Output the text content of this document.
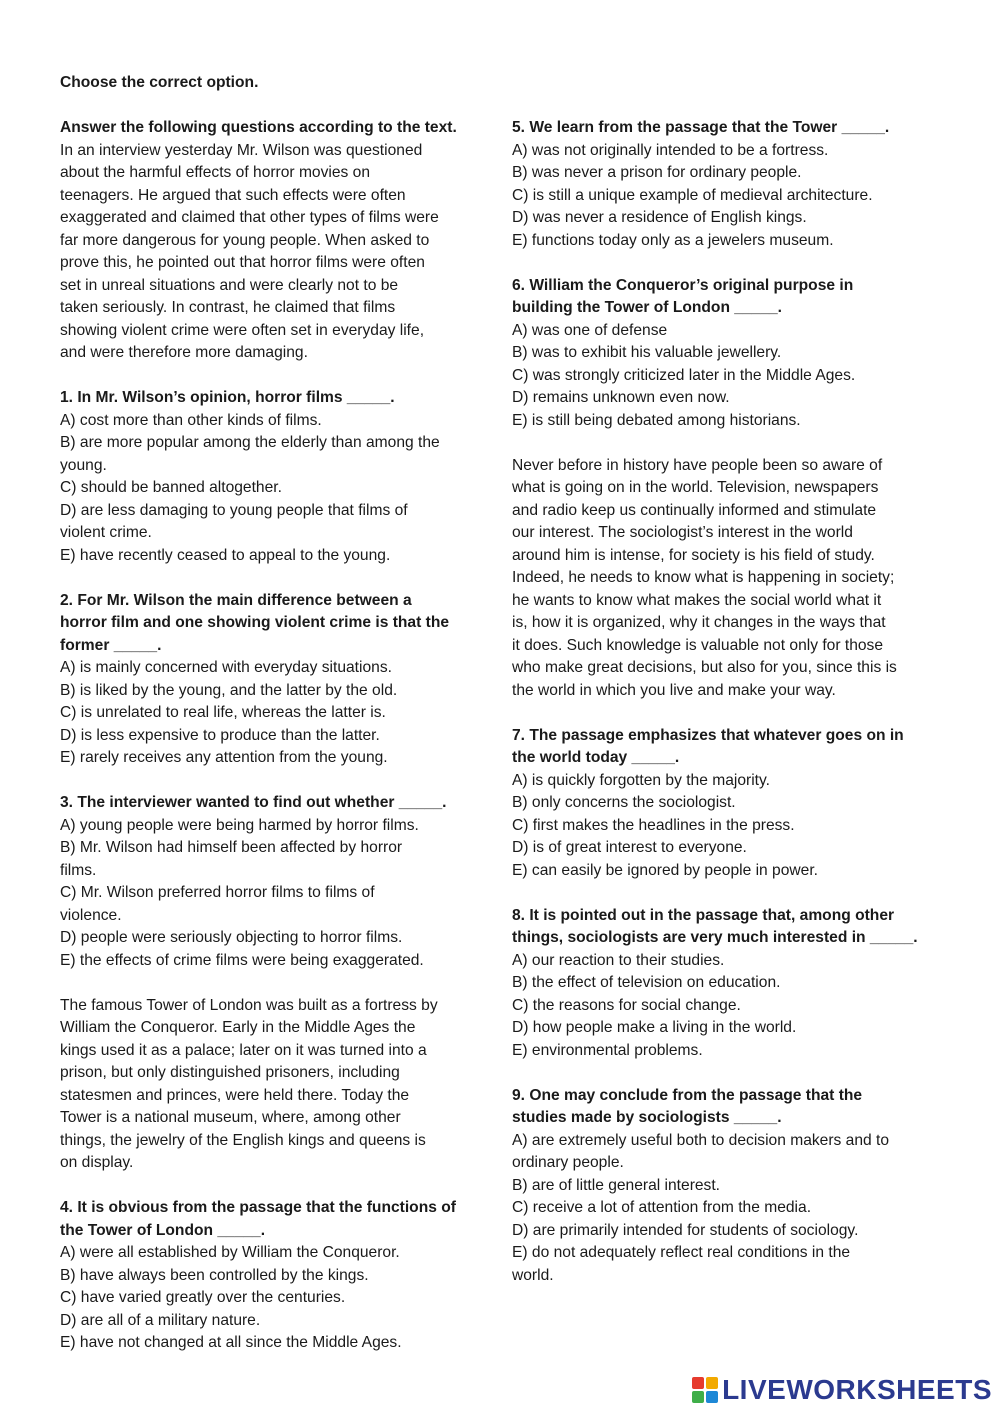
Choose the correct option.
Answer the following questions according to the text.
In an interview yesterday Mr. Wilson was questioned
about the harmful effects of horror movies on
teenagers. He argued that such effects were often
exaggerated and claimed that other types of films were
far more dangerous for young people. When asked to
prove this, he pointed out that horror films were often
set in unreal situations and were clearly not to be
taken seriously. In contrast, he claimed that films
showing violent crime were often set in everyday life,
and were therefore more damaging.
1. In Mr. Wilson’s opinion, horror films _____.
A) cost more than other kinds of films.
B) are more popular among the elderly than among the
young.
C) should be banned altogether.
D) are less damaging to young people that films of
violent crime.
E) have recently ceased to appeal to the young.
2. For Mr. Wilson the main difference between a
horror film and one showing violent crime is that the
former _____.
A) is mainly concerned with everyday situations.
B) is liked by the young, and the latter by the old.
C) is unrelated to real life, whereas the latter is.
D) is less expensive to produce than the latter.
E) rarely receives any attention from the young.
3. The interviewer wanted to find out whether _____.
A) young people were being harmed by horror films.
B) Mr. Wilson had himself been affected by horror
films.
C) Mr. Wilson preferred horror films to films of
violence.
D) people were seriously objecting to horror films.
E) the effects of crime films were being exaggerated.
The famous Tower of London was built as a fortress by
William the Conqueror. Early in the Middle Ages the
kings used it as a palace; later on it was turned into a
prison, but only distinguished prisoners, including
statesmen and princes, were held there. Today the
Tower is a national museum, where, among other
things, the jewelry of the English kings and queens is
on display.
4. It is obvious from the passage that the functions of
the Tower of London _____.
A) were all established by William the Conqueror.
B) have always been controlled by the kings.
C) have varied greatly over the centuries.
D) are all of a military nature.
E) have not changed at all since the Middle Ages.
5. We learn from the passage that the Tower _____.
A) was not originally intended to be a fortress.
B) was never a prison for ordinary people.
C) is still a unique example of medieval architecture.
D) was never a residence of English kings.
E) functions today only as a jewelers museum.
6. William the Conqueror’s original purpose in
building the Tower of London _____.
A) was one of defense
B) was to exhibit his valuable jewellery.
C) was strongly criticized later in the Middle Ages.
D) remains unknown even now.
E) is still being debated among historians.
Never before in history have people been so aware of
what is going on in the world. Television, newspapers
and radio keep us continually informed and stimulate
our interest. The sociologist’s interest in the world
around him is intense, for society is his field of study.
Indeed, he needs to know what is happening in society;
he wants to know what makes the social world what it
is, how it is organized, why it changes in the ways that
it does. Such knowledge is valuable not only for those
who make great decisions, but also for you, since this is
the world in which you live and make your way.
7. The passage emphasizes that whatever goes on in
the world today _____.
A) is quickly forgotten by the majority.
B) only concerns the sociologist.
C) first makes the headlines in the press.
D) is of great interest to everyone.
E) can easily be ignored by people in power.
8. It is pointed out in the passage that, among other
things, sociologists are very much interested in _____.
A) our reaction to their studies.
B) the effect of television on education.
C) the reasons for social change.
D) how people make a living in the world.
E) environmental problems.
9. One may conclude from the passage that the
studies made by sociologists _____.
A) are extremely useful both to decision makers and to
ordinary people.
B) are of little general interest.
C) receive a lot of attention from the media.
D) are primarily intended for students of sociology.
E) do not adequately reflect real conditions in the
world.
LIVEWORKSHEETS
